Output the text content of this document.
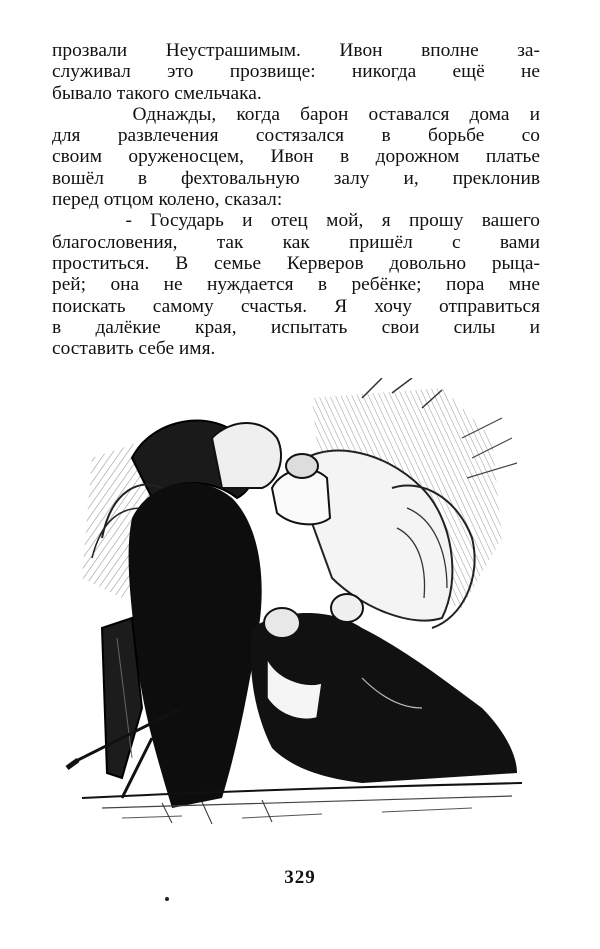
прозвали Неустрашимым. Ивон вполне за-
служивал это прозвище: никогда ещё не
бывало такого смельчака.
Однажды, когда барон оставался дома и
для развлечения состязался в борьбе со
своим оруженосцем, Ивон в дорожном платье
вошёл в фехтовальную залу и, преклонив
перед отцом колено, сказал:
- Государь и отец мой, я прошу вашего
благословения, так как пришёл с вами
проститься. В семье Керверов довольно рыца-
рей; она не нуждается в ребёнке; пора мне
поискать самому счастья. Я хочу отправиться
в далёкие края, испытать свои силы и
составить себе имя.
329
